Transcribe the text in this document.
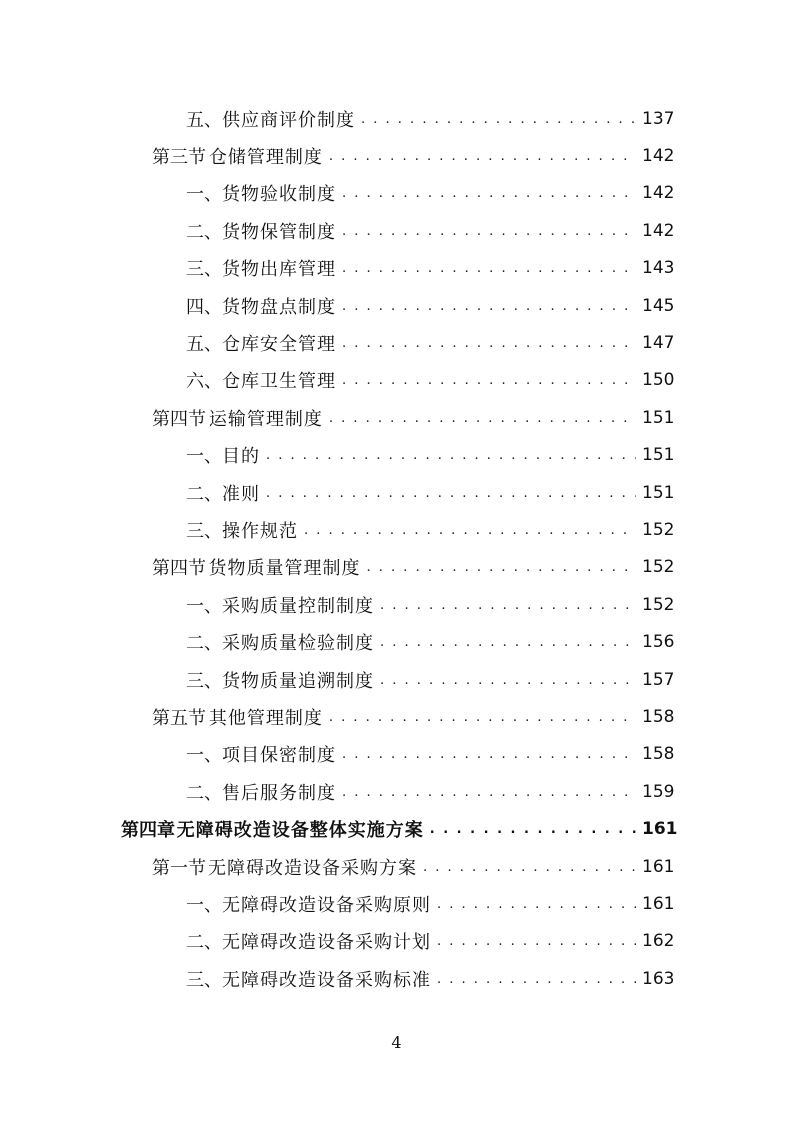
五、 供应商评价制度 . . .	137
第三节 仓储管理制度 . . .	142
一、 货物验收制度 . . .	142
二、 货物保管制度 . . .	142
三、 货物出库管理 . . .	143
四、 货物盘点制度 . . .	145
五、 仓库安全管理 . . .	147
六、 仓库卫生管理 . . .	150
第四节 运输管理制度 . . .	151
一、 目的 . . .	151
二、 准则 . . .	151
三、 操作规范 . . .	152
第四节 货物质量管理制度 . . .	152
一、 采购质量控制制度 . . .	152
二、 采购质量检验制度 . . .	156
三、 货物质量追溯制度 . . .	157
第五节 其他管理制度 . . .	158
一、 项目保密制度 . . .	158
二、 售后服务制度 . . .	159
第四章 无障碍改造设备整体实施方案 . . .	161
第一节 无障碍改造设备采购方案 . . .	161
一、 无障碍改造设备采购原则 . . .	161
二、 无障碍改造设备采购计划 . . .	162
三、 无障碍改造设备采购标准 . . .	163
4
